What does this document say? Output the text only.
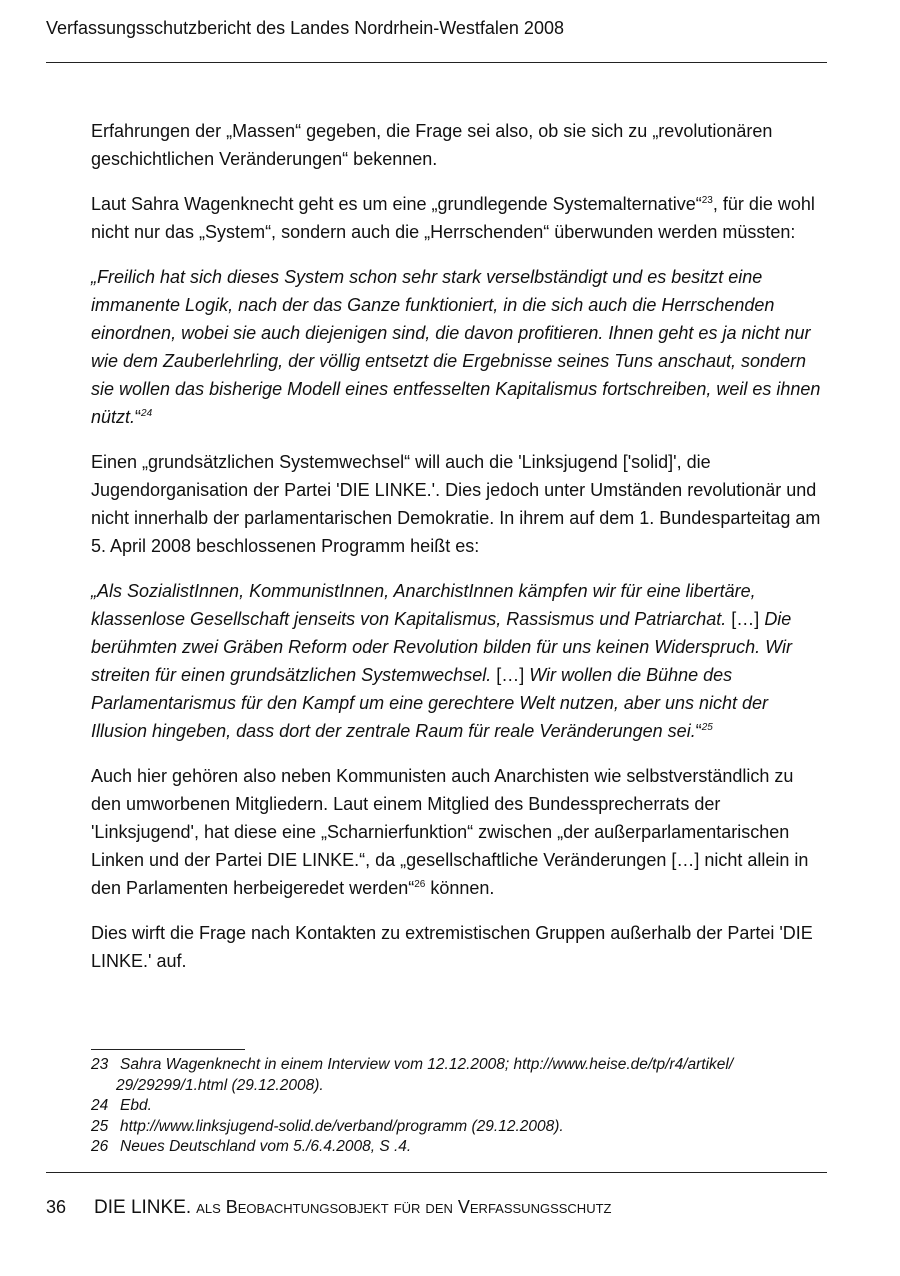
Verfassungsschutzbericht des Landes Nordrhein-Westfalen 2008

Erfahrungen der „Massen“ gegeben, die Frage sei also, ob sie sich zu „revolutionären geschichtlichen Veränderungen“ bekennen.

Laut Sahra Wagenknecht geht es um eine „grundlegende Systemalternative“$^{23}$, für die wohl nicht nur das „System“, sondern auch die „Herrschenden“ überwunden werden müssten:

„Freilich hat sich dieses System schon sehr stark verselbständigt und es besitzt eine immanente Logik, nach der das Ganze funktioniert, in die sich auch die Herrschenden einordnen, wobei sie auch diejenigen sind, die davon profitieren. Ihnen geht es ja nicht nur wie dem Zauberlehrling, der völlig entsetzt die Ergebnisse seines Tuns anschaut, sondern sie wollen das bisherige Modell eines entfesselten Kapitalismus fortschreiben, weil es ihnen nützt.“$^{24}$

Einen „grundsätzlichen Systemwechsel“ will auch die 'Linksjugend ['solid]', die Jugendorganisation der Partei 'DIE LINKE.'. Dies jedoch unter Umständen revolutionär und nicht innerhalb der parlamentarischen Demokratie. In ihrem auf dem 1. Bundesparteitag am 5. April 2008 beschlossenen Programm heißt es:

„Als SozialistInnen, KommunistInnen, AnarchistInnen kämpfen wir für eine libertäre, klassenlose Gesellschaft jenseits von Kapitalismus, Rassismus und Patriarchat. […] Die berühmten zwei Gräben Reform oder Revolution bilden für uns keinen Widerspruch. Wir streiten für einen grundsätzlichen Systemwechsel. […] Wir wollen die Bühne des Parlamentarismus für den Kampf um eine gerechtere Welt nutzen, aber uns nicht der Illusion hingeben, dass dort der zentrale Raum für reale Veränderungen sei.“$^{25}$

Auch hier gehören also neben Kommunisten auch Anarchisten wie selbstverständlich zu den umworbenen Mitgliedern. Laut einem Mitglied des Bundessprecherrats der 'Linksjugend', hat diese eine „Scharnierfunktion“ zwischen „der außerparlamentarischen Linken und der Partei DIE LINKE.“, da „gesellschaftliche Veränderungen […] nicht allein in den Parlamenten herbeigeredet werden“$^{26}$ können.

Dies wirft die Frage nach Kontakten zu extremistischen Gruppen außerhalb der Partei 'DIE LINKE.' auf.

23 Sahra Wagenknecht in einem Interview vom 12.12.2008; http://www.heise.de/tp/r4/artikel/
29/29299/1.html (29.12.2008).
24 Ebd.
25 http://www.linksjugend-solid.de/verband/programm (29.12.2008).
26 Neues Deutschland vom 5./6.4.2008, S .4.
36 DIE LINKE. als Beobachtungsobjekt für den Verfassungsschutz
